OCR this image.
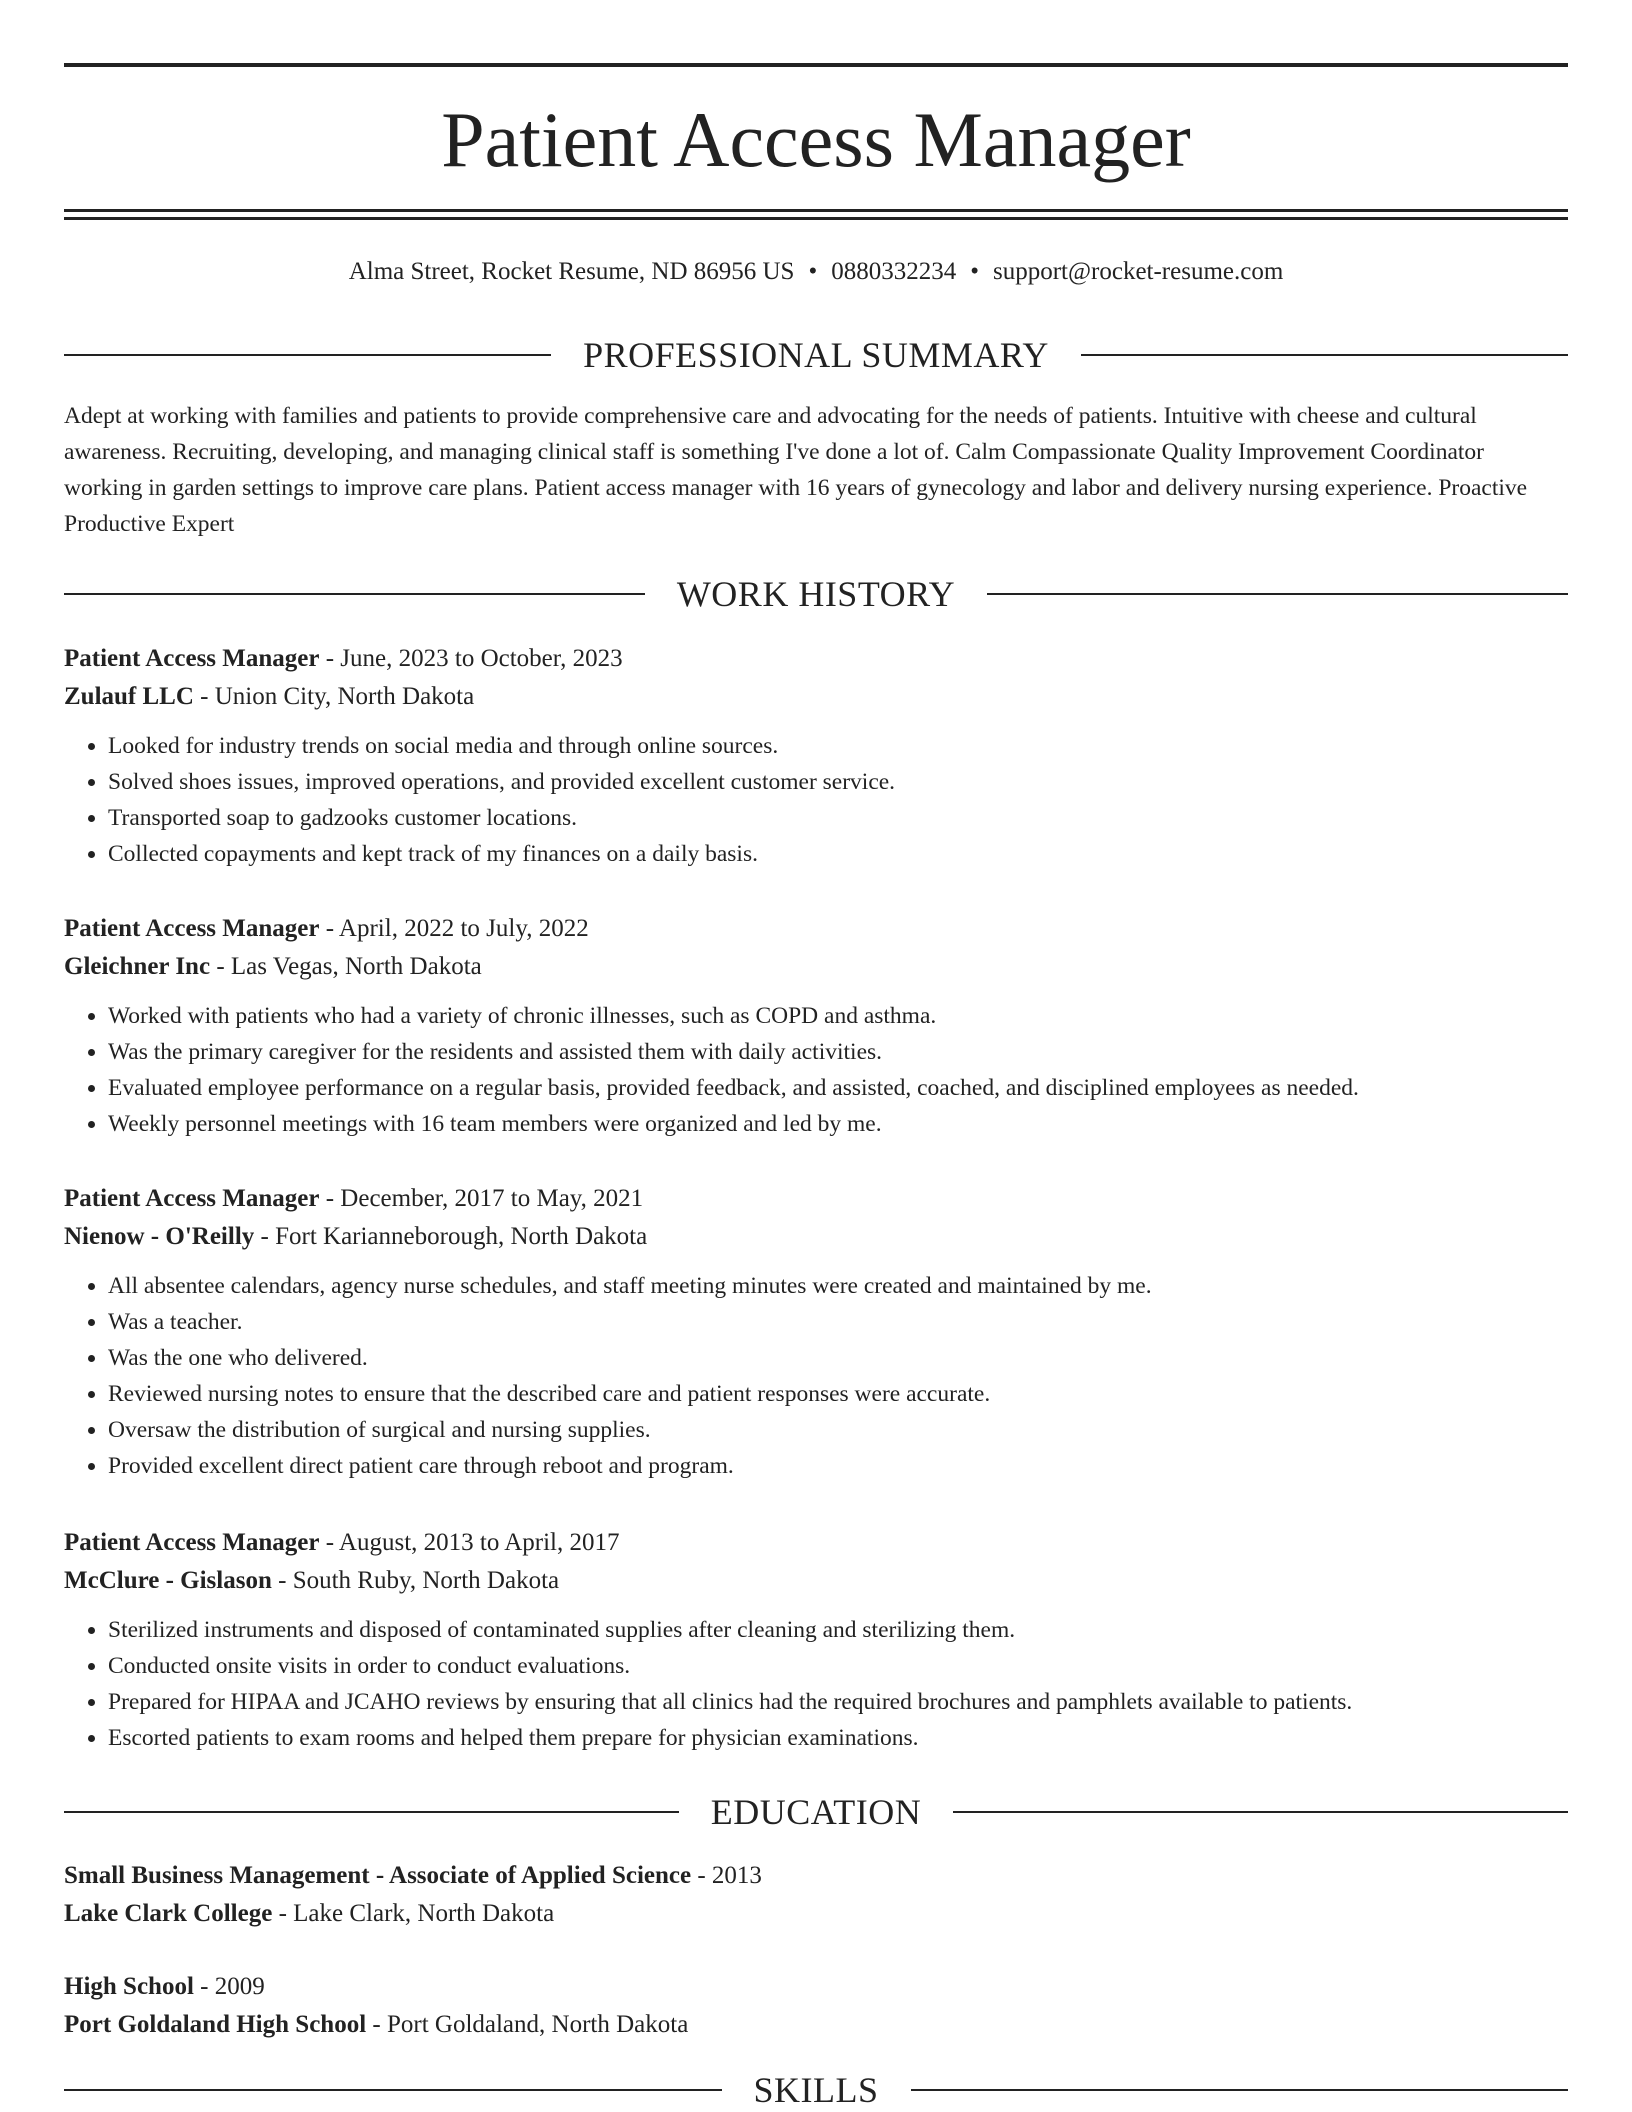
Patient Access Manager
Alma Street, Rocket Resume, ND 86956 US • 0880332234 • support@rocket-resume.com
PROFESSIONAL SUMMARY

Adept at working with families and patients to provide comprehensive care and advocating for the needs of patients. Intuitive with cheese and cultural awareness. Recruiting, developing, and managing clinical staff is something I've done a lot of. Calm Compassionate Quality Improvement Coordinator working in garden settings to improve care plans. Patient access manager with 16 years of gynecology and labor and delivery nursing experience. Proactive Productive Expert

WORK HISTORY

Patient Access Manager - June, 2023 to October, 2023

Zulauf LLC - Union City, North Dakota

• Looked for industry trends on social media and through online sources.
• Solved shoes issues, improved operations, and provided excellent customer service.
• Transported soap to gadzooks customer locations.
• Collected copayments and kept track of my finances on a daily basis.

Patient Access Manager - April, 2022 to July, 2022

Gleichner Inc - Las Vegas, North Dakota

• Worked with patients who had a variety of chronic illnesses, such as COPD and asthma.
• Was the primary caregiver for the residents and assisted them with daily activities.
• Evaluated employee performance on a regular basis, provided feedback, and assisted, coached, and disciplined employees as needed.
• Weekly personnel meetings with 16 team members were organized and led by me.

Patient Access Manager - December, 2017 to May, 2021

Nienow - O'Reilly - Fort Karianneborough, North Dakota

• All absentee calendars, agency nurse schedules, and staff meeting minutes were created and maintained by me.
• Was a teacher.
• Was the one who delivered.
• Reviewed nursing notes to ensure that the described care and patient responses were accurate.
• Oversaw the distribution of surgical and nursing supplies.
• Provided excellent direct patient care through reboot and program.

Patient Access Manager - August, 2013 to April, 2017

McClure - Gislason - South Ruby, North Dakota

• Sterilized instruments and disposed of contaminated supplies after cleaning and sterilizing them.
• Conducted onsite visits in order to conduct evaluations.
• Prepared for HIPAA and JCAHO reviews by ensuring that all clinics had the required brochures and pamphlets available to patients.
• Escorted patients to exam rooms and helped them prepare for physician examinations.
EDUCATION

Small Business Management - Associate of Applied Science - 2013

Lake Clark College - Lake Clark, North Dakota

High School - 2009

Port Goldaland High School - Port Goldaland, North Dakota

SKILLS
